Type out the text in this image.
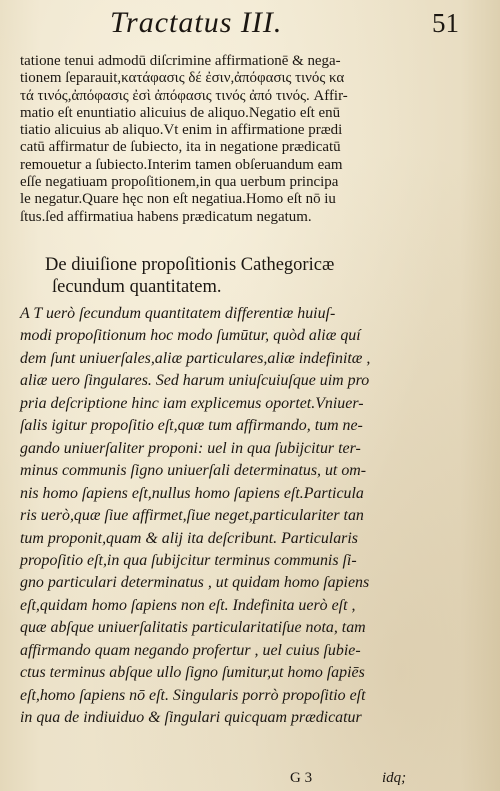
Tractatus III.	51
tatione tenui admodū diſcrimine affirmationē & nega-
tionem ſeparauit,κατάφασις δέ ἐσιν,ἀπόφασις τινός κα
τά τινός,ἀπόφασις ἐσὶ ἀπόφασις τινός ἀπό τινός. Affir-
matio eſt enuntiatio alicuius de aliquo.Negatio eſt enū
tiatio alicuius ab aliquo.Vt enim in affirmatione prædi
catū affirmatur de ſubiecto, ita in negatione prædicatū
remouetur a ſubiecto.Interim tamen obſeruandum eam
eſſe negatiuam propoſitionem,in qua uerbum principa
le negatur.Quare hęc non eſt negatiua.Homo eſt nō iu
ſtus.ſed affirmatiua habens prædicatum negatum.
De diuiſione propoſitionis Cathegoricæ
ſecundum quantitatem.
A T uerò ſecundum quantitatem differentiæ huiuſ-
modi propoſitionum hoc modo ſumūtur, quòd aliæ quí
dem ſunt uniuerſales,aliæ particulares,aliæ indefinitæ ,
aliæ uero ſingulares. Sed harum uniuſcuiuſque uim pro
pria deſcriptione hinc iam explicemus oportet.Vniuer-
ſalis igitur propoſitio eſt,quæ tum affirmando, tum ne-
gando uniuerſaliter proponi: uel in qua ſubijcitur ter-
minus communis ſigno uniuerſali determinatus, ut om-
nis homo ſapiens eſt,nullus homo ſapiens eſt.Particula
ris uerò,quæ ſiue affirmet,ſiue neget,particulariter tan
tum proponit,quam & alij ita deſcribunt. Particularis
propoſitio eſt,in qua ſubijcitur terminus communis ſi-
gno particulari determinatus , ut quidam homo ſapiens
eſt,quidam homo ſapiens non eſt. Indefinita uerò eſt ,
quæ abſque uniuerſalitatis particularitatiſue nota, tam
affirmando quam negando profertur , uel cuius ſubie-
ctus terminus abſque ullo ſigno ſumitur,ut homo ſapiēs
eſt,homo ſapiens nō eſt. Singularis porrò propoſitio eſt
in qua de indiuiduo & ſingulari quicquam prædicatur
G 3	idq;
